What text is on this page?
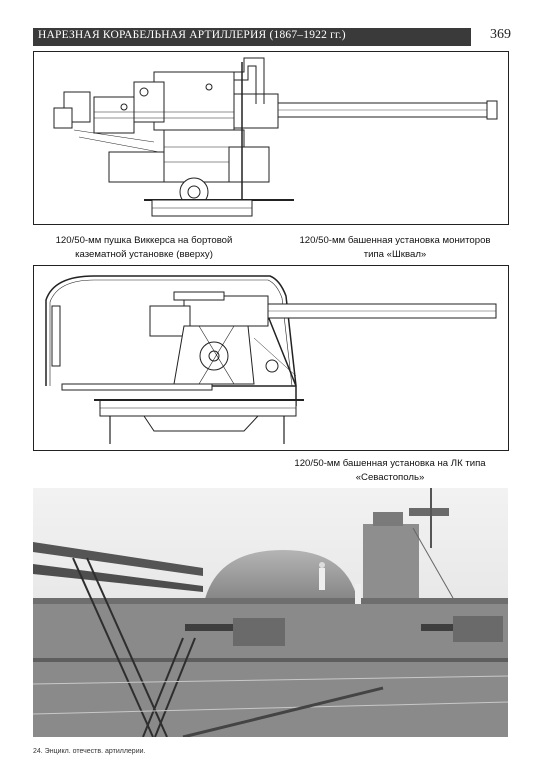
НАРЕЗНАЯ КОРАБЕЛЬНАЯ АРТИЛЛЕРИЯ (1867–1922 гг.)	369
120/50-мм пушка Виккерса на бортовой
казематной установке (вверху)
120/50-мм башенная установка мониторов
типа «Шквал»
120/50-мм башенная установка на ЛК типа
«Севастополь»
24. Энцикл. отечеств. артиллерии.
